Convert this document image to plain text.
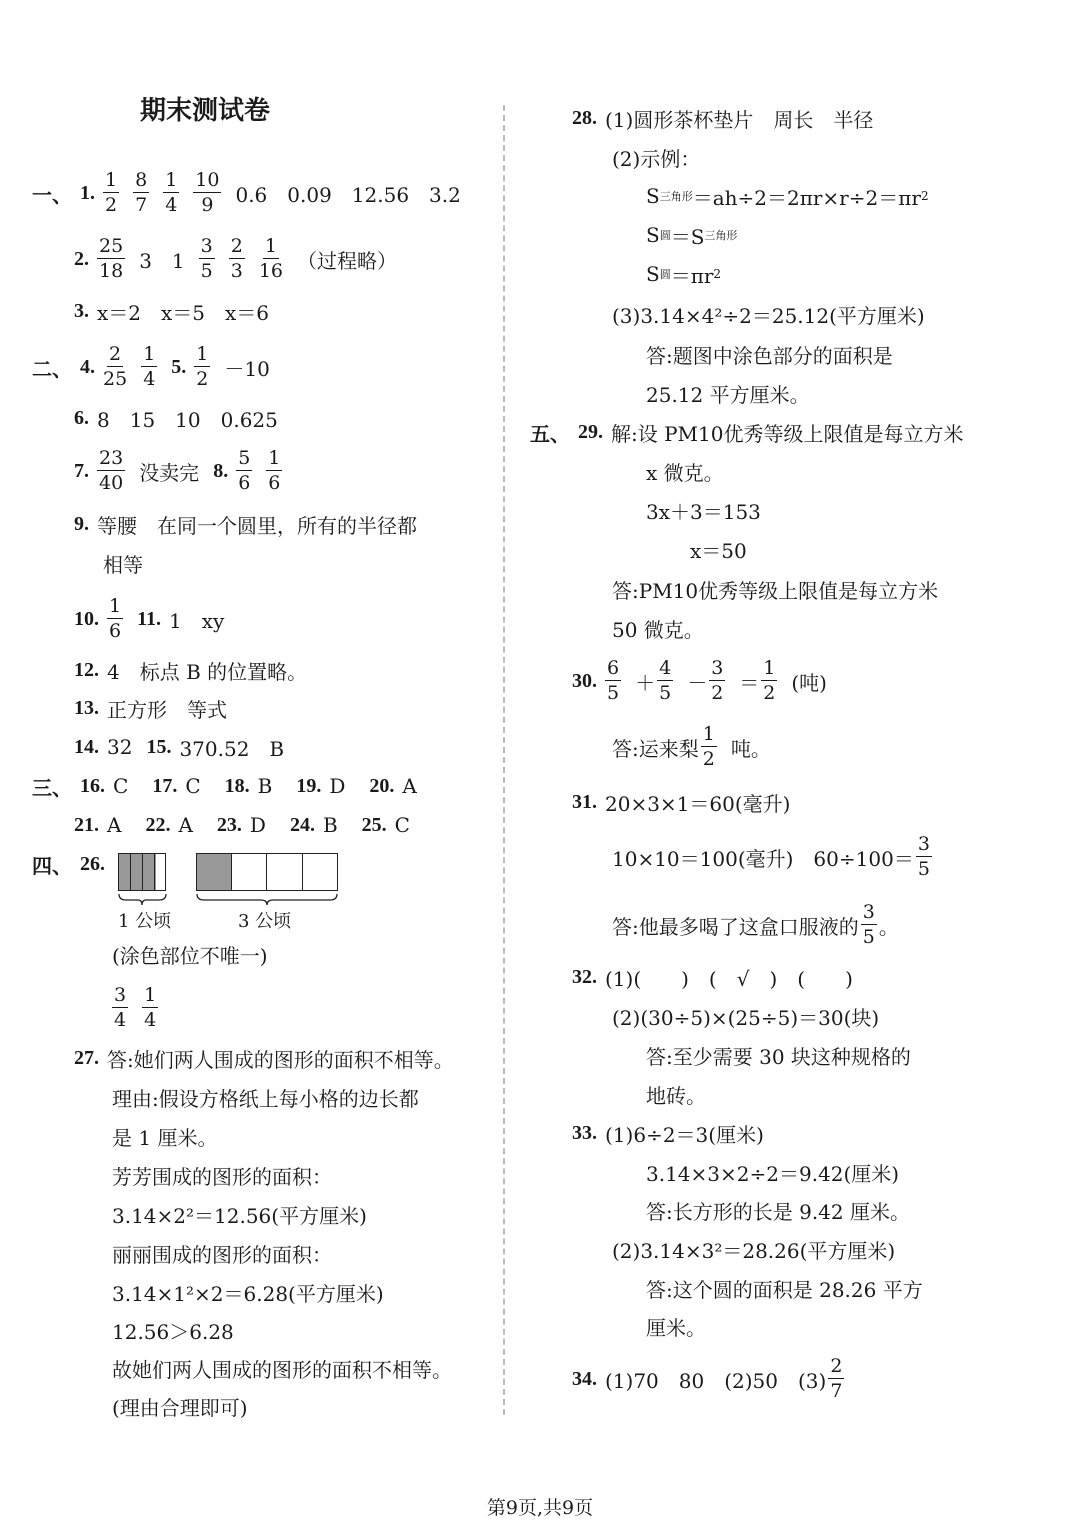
期末测试卷
一、 1. $\frac{1}{2} \frac{8}{7} \frac{1}{4} \frac{10}{9} 0.6$　0.09　12.56　3.2
2. $\frac{25}{18} 3$　$1 \frac{3}{5} \frac{2}{3} \frac{1}{16}$ （过程略）
3. x＝2　x＝5　x＝6
二、 4. $\frac{2}{25} \frac{1}{4} 5$. $\frac{1}{2} -10$
6. 8　15　10　0.625
7. $\frac{23}{40}$ 没卖完 8. $\frac{5}{6} \frac{1}{6}$
9. 等腰　在同一个圆里，所有的半径都
相等
10. $\frac{1}{6} 11$. 1　xy
12. 4　标点 B 的位置略。
13. 正方形　等式
14. 32 15. 370.52　B
三、 16. C 17. C 18. B 19. D 20. A
21. A 22. A 23. D 24. B 25. C
四、 26.
(涂色部位不唯一)
$\frac{3}{4} \frac{1}{4}$
27. 答:她们两人围成的图形的面积不相等。
理由:假设方格纸上每小格的边长都
是 1 厘米。
芳芳围成的图形的面积：
3.14×2²＝12.56(平方厘米)
丽丽围成的图形的面积：
3.14×1²×2＝6.28(平方厘米)
12.56＞6.28
故她们两人围成的图形的面积不相等。
(理由合理即可)
1 公顷	3 公顷
28. (1)圆形茶杯垫片　周长　半径
(2)示例：
S 三角形 ＝ah÷2＝2πr×r÷2＝πr 2
S 圆 ＝S 三角形
S 圆 ＝πr 2
(3)3.14×4²÷2＝25.12(平方厘米)
答:题图中涂色部分的面积是
25.12 平方厘米。
五、 29. 解:设 PM10优秀等级上限值是每立方米
x 微克。
3x＋3＝153
x＝50
答:PM10优秀等级上限值是每立方米
50 微克。
30. $\frac{6}{5} + \frac{4}{5} - \frac{3}{2} = \frac{1}{2}$ (吨)
答:运来梨 $\frac{1}{2}$ 吨。
31. 20×3×1＝60(毫升)
10×10＝100(毫升)　$60\div 100= \frac{3}{5}$
答:他最多喝了这盒口服液的 $\frac{3}{5}$ 。
32. (1)(　　)　(　√　)　(　　)
(2)(30÷5)×(25÷5)＝30(块)
答:至少需要 30 块这种规格的
地砖。
33. (1)6÷2＝3(厘米)
3.14×3×2÷2＝9.42(厘米)
答:长方形的长是 9.42 厘米。
(2)3.14×3²＝28.26(平方厘米)
答:这个圆的面积是 28.26 平方
厘米。
34. (1)70　80　(2)50　$(3) \frac{2}{7}$
第9页,共9页
